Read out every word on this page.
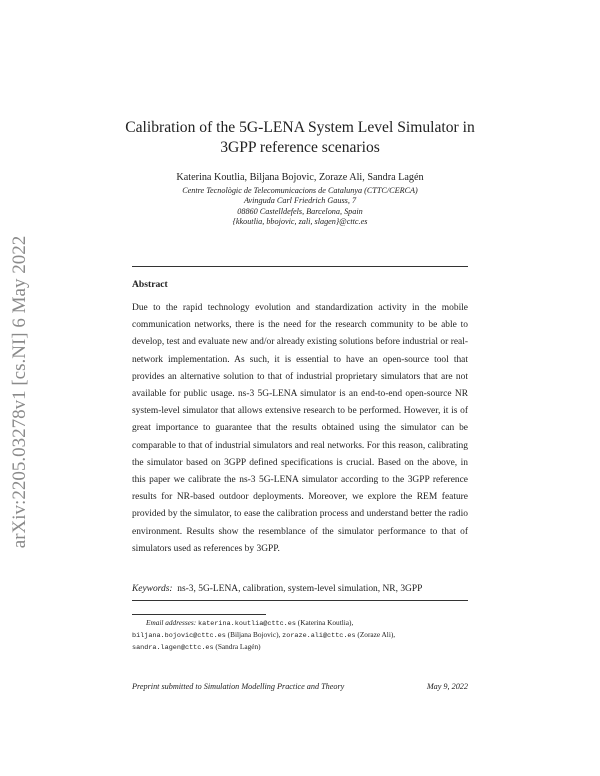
arXiv:2205.03278v1 [cs.NI] 6 May 2022
Calibration of the 5G-LENA System Level Simulator in
3GPP reference scenarios
Katerina Koutlia, Biljana Bojovic, Zoraze Ali, Sandra Lagén
Centre Tecnològic de Telecomunicacions de Catalunya (CTTC/CERCA)
Avinguda Carl Friedrich Gauss, 7
08860 Castelldefels, Barcelona, Spain
{kkoutlia, bbojovic, zali, slagen}@cttc.es
Abstract

Due to the rapid technology evolution and standardization activity in the mobile communication networks, there is the need for the research community to be able to develop, test and evaluate new and/or already existing solutions before industrial or real-network implementation. As such, it is essential to have an open-source tool that provides an alternative solution to that of industrial proprietary simulators that are not available for public usage. ns-3 5G-LENA simulator is an end-to-end open-source NR system-level simulator that allows extensive research to be performed. However, it is of great importance to guarantee that the results obtained using the simulator can be comparable to that of industrial simulators and real networks. For this reason, calibrating the simulator based on 3GPP defined specifications is crucial. Based on the above, in this paper we calibrate the ns-3 5G-LENA simulator according to the 3GPP reference results for NR-based outdoor deployments. Moreover, we explore the REM feature provided by the simulator, to ease the calibration process and understand better the radio environment. Results show the resemblance of the simulator performance to that of simulators used as references by 3GPP.

Keywords: ns-3, 5G-LENA, calibration, system-level simulation, NR, 3GPP
Email addresses: katerina.koutlia@cttc.es (Katerina Koutlia),
biljana.bojovic@cttc.es (Biljana Bojovic), zoraze.ali@cttc.es (Zoraze Ali),
sandra.lagen@cttc.es (Sandra Lagén)
Preprint submitted to Simulation Modelling Practice and Theory	May 9, 2022
